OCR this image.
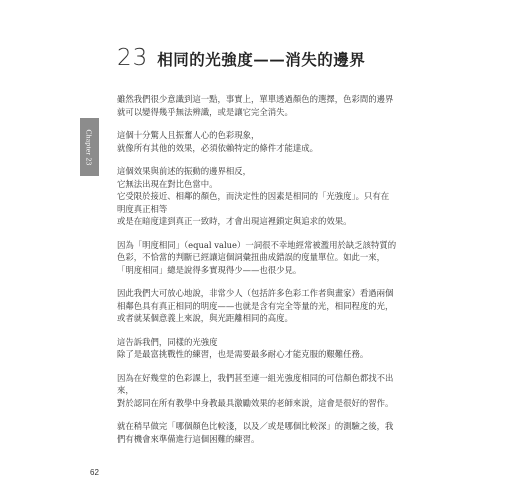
23 相同的光強度——消失的邊界
Chapter 23
雖然我們很少意識到這一點，事實上，單單透過顏色的選擇，色彩間的邊界
就可以變得幾乎無法辨識，或是讓它完全消失。
這個十分驚人且振奮人心的色彩現象，
就像所有其他的效果，必須依賴特定的條件才能達成。
這個效果與前述的振動的邊界相反，
它無法出現在對比色當中。
它受限於接近、相鄰的顏色，而決定性的因素是相同的「光強度」。只有在
明度真正相等
或是在暗度達到真正一致時，才會出現這裡鎖定與追求的效果。
因為「明度相同」（equal value）一詞很不幸地經常被濫用於缺乏該特質的
色彩，不恰當的判斷已經讓這個詞彙扭曲成錯誤的度量單位。如此一來，
「明度相同」總是說得多實現得少——也很少見。
因此我們大可放心地說，非常少人（包括許多色彩工作者與畫家）看過兩個
相鄰色具有真正相同的明度——也就是含有完全等量的光，相同程度的光，
或者就某個意義上來說，與光距離相同的高度。
這告訴我們，同樣的光強度
除了是最富挑戰性的練習，也是需要最多耐心才能克服的艱難任務。
因為在好幾堂的色彩課上，我們甚至連一組光強度相同的可信顏色都找不出
來，
對於認同在所有教學中身教最具激勵效果的老師來說，這會是很好的習作。
就在稍早做完「哪個顏色比較淺，以及／或是哪個比較深」的測驗之後，我
們有機會來準備進行這個困難的練習。
62
